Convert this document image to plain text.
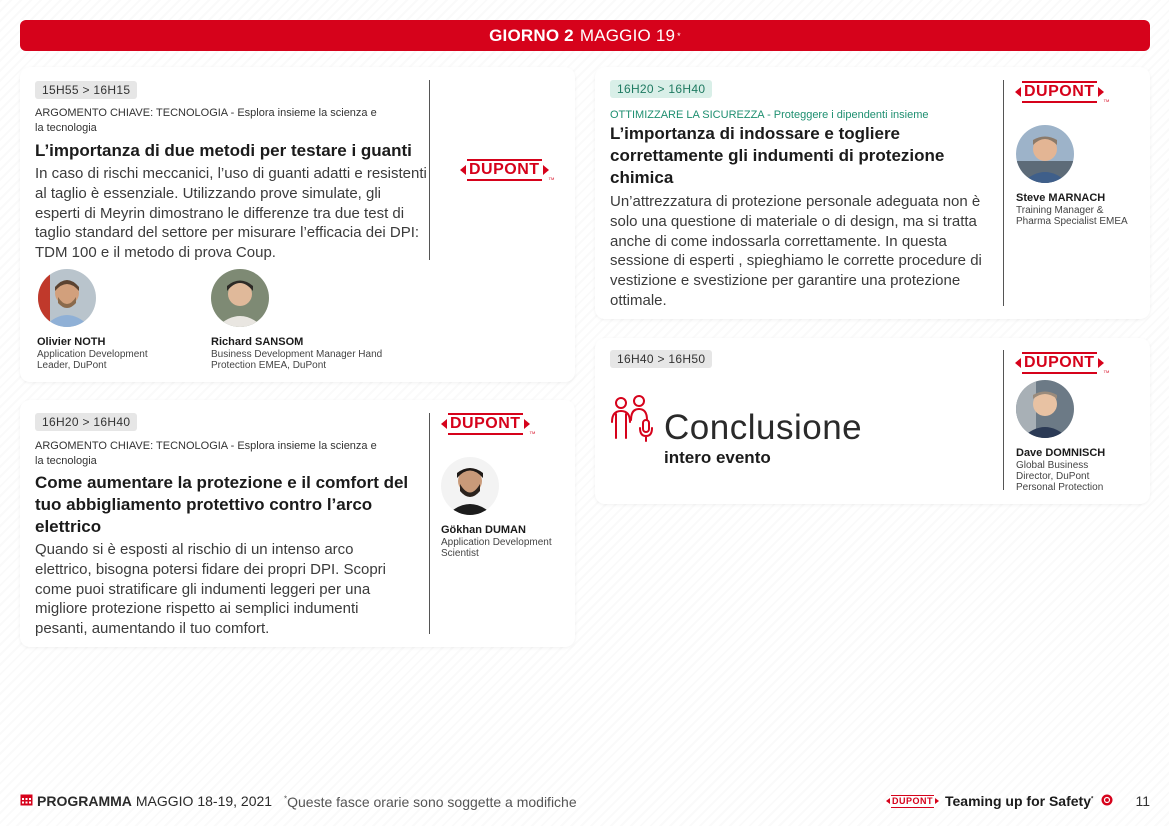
GIORNO 2 MAGGIO 19 *
15H55 > 16H15
ARGOMENTO CHIAVE: TECNOLOGIA - Esplora insieme la scienza e la tecnologia
L’importanza di due metodi per testare i guanti
In caso di rischi meccanici, l’uso di guanti adatti e resistenti al taglio è essenziale. Utilizzando prove simulate, gli esperti di Meyrin dimostrano le differenze tra due test di taglio standard del settore per misurare l’efficacia dei DPI: TDM 100 e il metodo di prova Coup.
DUPONT
TM
Olivier NOTH
Application Development Leader, DuPont
Richard SANSOM
Business Development Manager Hand Protection EMEA, DuPont
16H20 > 16H40
ARGOMENTO CHIAVE: TECNOLOGIA - Esplora insieme la scienza e la tecnologia
Come aumentare la protezione e il comfort del tuo abbigliamento protettivo contro l’arco elettrico
Quando si è esposti al rischio di un intenso arco elettrico, bisogna potersi fidare dei propri DPI. Scopri come puoi stratificare gli indumenti leggeri per una migliore protezione rispetto ai semplici indumenti pesanti, aumentando il tuo comfort.
DUPONT
TM
Gökhan DUMAN
Application Development Scientist
16H20 > 16H40
OTTIMIZZARE LA SICUREZZA - Proteggere i dipendenti insieme
L’importanza di indossare e togliere correttamente gli indumenti di protezione chimica
Un’attrezzatura di protezione personale adeguata non è solo una questione di materiale o di design, ma si tratta anche di come indossarla correttamente. In questa sessione di esperti , spieghiamo le corrette procedure di vestizione e svestizione per garantire una protezione ottimale.
DUPONT
TM
Steve MARNACH
Training Manager & Pharma Specialist EMEA
16H40 > 16H50
Conclusione
intero evento
DUPONT
TM
Dave DOMNISCH
Global Business Director, DuPont Personal Protection
PROGRAMMA MAGGIO 18-19, 2021 *Queste fasce orarie sono soggette a modifiche	DUPONT Teaming up for Safety*	11
